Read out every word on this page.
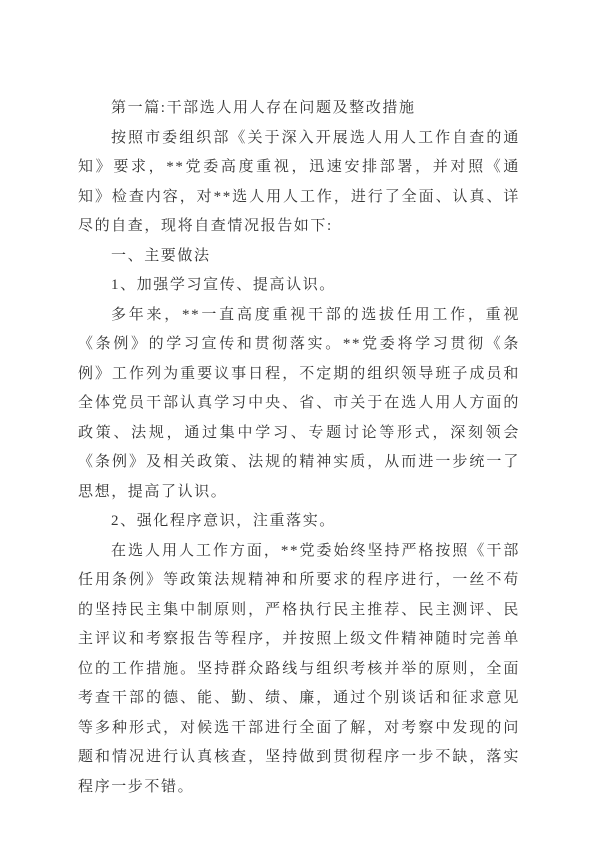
第一篇:干部选人用人存在问题及整改措施

按照市委组织部《关于深入开展选人用人工作自查的通知》要求，**党委高度重视，迅速安排部署，并对照《通知》检查内容，对**选人用人工作，进行了全面、认真、详尽的自查，现将自查情况报告如下:

一、主要做法

1、加强学习宣传、提高认识。

多年来，**一直高度重视干部的选拔任用工作，重视《条例》的学习宣传和贯彻落实。**党委将学习贯彻《条例》工作列为重要议事日程，不定期的组织领导班子成员和全体党员干部认真学习中央、省、市关于在选人用人方面的政策、法规，通过集中学习、专题讨论等形式，深刻领会《条例》及相关政策、法规的精神实质，从而进一步统一了思想，提高了认识。

2、强化程序意识，注重落实。

在选人用人工作方面，**党委始终坚持严格按照《干部任用条例》等政策法规精神和所要求的程序进行，一丝不苟的坚持民主集中制原则，严格执行民主推荐、民主测评、民主评议和考察报告等程序，并按照上级文件精神随时完善单位的工作措施。坚持群众路线与组织考核并举的原则，全面考查干部的德、能、勤、绩、廉，通过个别谈话和征求意见等多种形式，对候选干部进行全面了解，对考察中发现的问题和情况进行认真核查，坚持做到贯彻程序一步不缺，落实程序一步不错。
